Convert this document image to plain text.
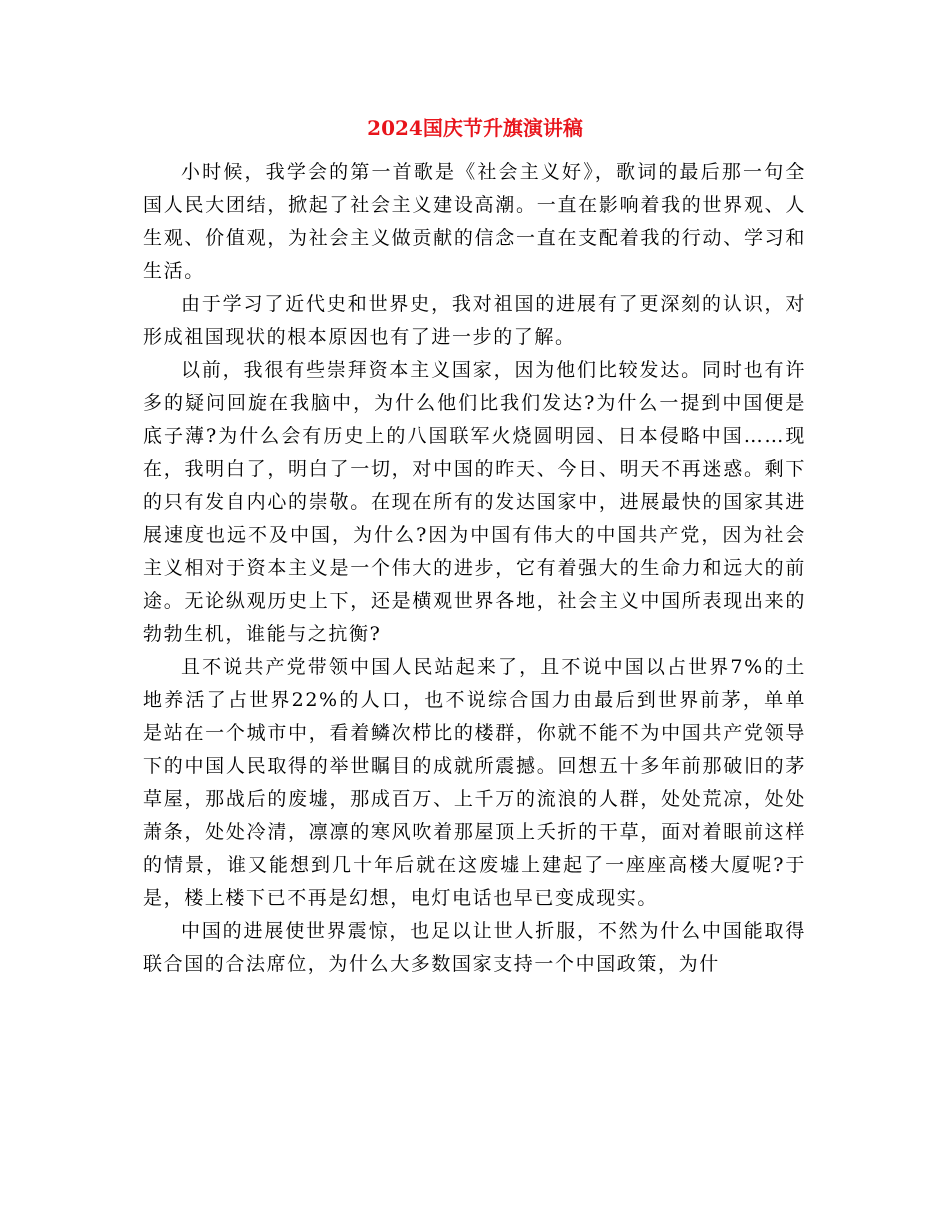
2024国庆节升旗演讲稿

小时候，我学会的第一首歌是《社会主义好》，歌词的最后那一句全国人民大团结，掀起了社会主义建设高潮。一直在影响着我的世界观、人生观、价值观，为社会主义做贡献的信念一直在支配着我的行动、学习和生活。

由于学习了近代史和世界史，我对祖国的进展有了更深刻的认识，对形成祖国现状的根本原因也有了进一步的了解。

以前，我很有些崇拜资本主义国家，因为他们比较发达。同时也有许多的疑问回旋在我脑中，为什么他们比我们发达?为什么一提到中国便是底子薄?为什么会有历史上的八国联军火烧圆明园、日本侵略中国……现在，我明白了，明白了一切，对中国的昨天、今日、明天不再迷惑。剩下的只有发自内心的崇敬。在现在所有的发达国家中，进展最快的国家其进展速度也远不及中国，为什么?因为中国有伟大的中国共产党，因为社会主义相对于资本主义是一个伟大的进步，它有着强大的生命力和远大的前途。无论纵观历史上下，还是横观世界各地，社会主义中国所表现出来的勃勃生机，谁能与之抗衡?

且不说共产党带领中国人民站起来了，且不说中国以占世界7%的土地养活了占世界22%的人口，也不说综合国力由最后到世界前茅，单单是站在一个城市中，看着鳞次栉比的楼群，你就不能不为中国共产党领导下的中国人民取得的举世瞩目的成就所震撼。回想五十多年前那破旧的茅草屋，那战后的废墟，那成百万、上千万的流浪的人群，处处荒凉，处处萧条，处处冷清，凛凛的寒风吹着那屋顶上夭折的干草，面对着眼前这样的情景，谁又能想到几十年后就在这废墟上建起了一座座高楼大厦呢?于是，楼上楼下已不再是幻想，电灯电话也早已变成现实。

中国的进展使世界震惊，也足以让世人折服，不然为什么中国能取得联合国的合法席位，为什么大多数国家支持一个中国政策，为什
